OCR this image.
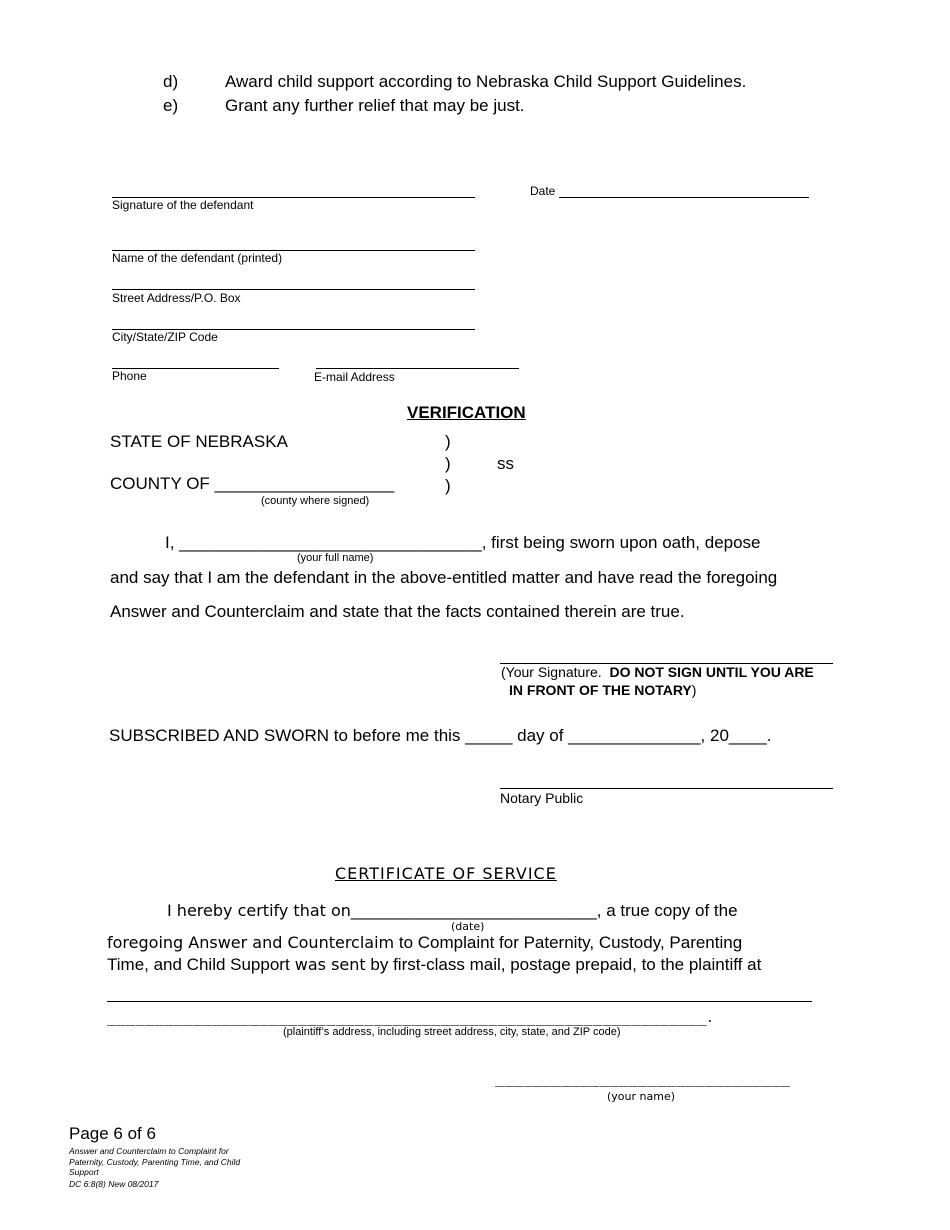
d)	Award child support according to Nebraska Child Support Guidelines.
e)	Grant any further relief that may be just.
Signature of the defendant
Date
Name of the defendant (printed)
Street Address/P.O. Box
City/State/ZIP Code
Phone	E-mail Address
VERIFICATION
STATE OF NEBRASKA	)
)	ss
COUNTY OF ___________________	)
(county where signed)
I, ________________________________, first being sworn upon oath, depose
(your full name)
and say that I am the defendant in the above-entitled matter and have read the foregoing
Answer and Counterclaim and state that the facts contained therein are true.
(Your Signature. DO NOT SIGN UNTIL YOU ARE
IN FRONT OF THE NOTARY)
SUBSCRIBED AND SWORN to before me this _____ day of ______________, 20____.
Notary Public
CERTIFICATE OF SERVICE
I hereby certify that on__________________________, a true copy of the
(date)
foregoing Answer and Counterclaim to Complaint for Paternity, Custody, Parenting
Time, and Child Support was sent by first-class mail, postage prepaid, to the plaintiff at
_______________________________________________________________.
(plaintiff’s address, including street address, city, state, and ZIP code)
_______________________________
(your name)
Page 6 of 6
Answer and Counterclaim to Complaint for Paternity, Custody, Parenting Time, and Child Support
DC 6:8(8) New 08/2017
